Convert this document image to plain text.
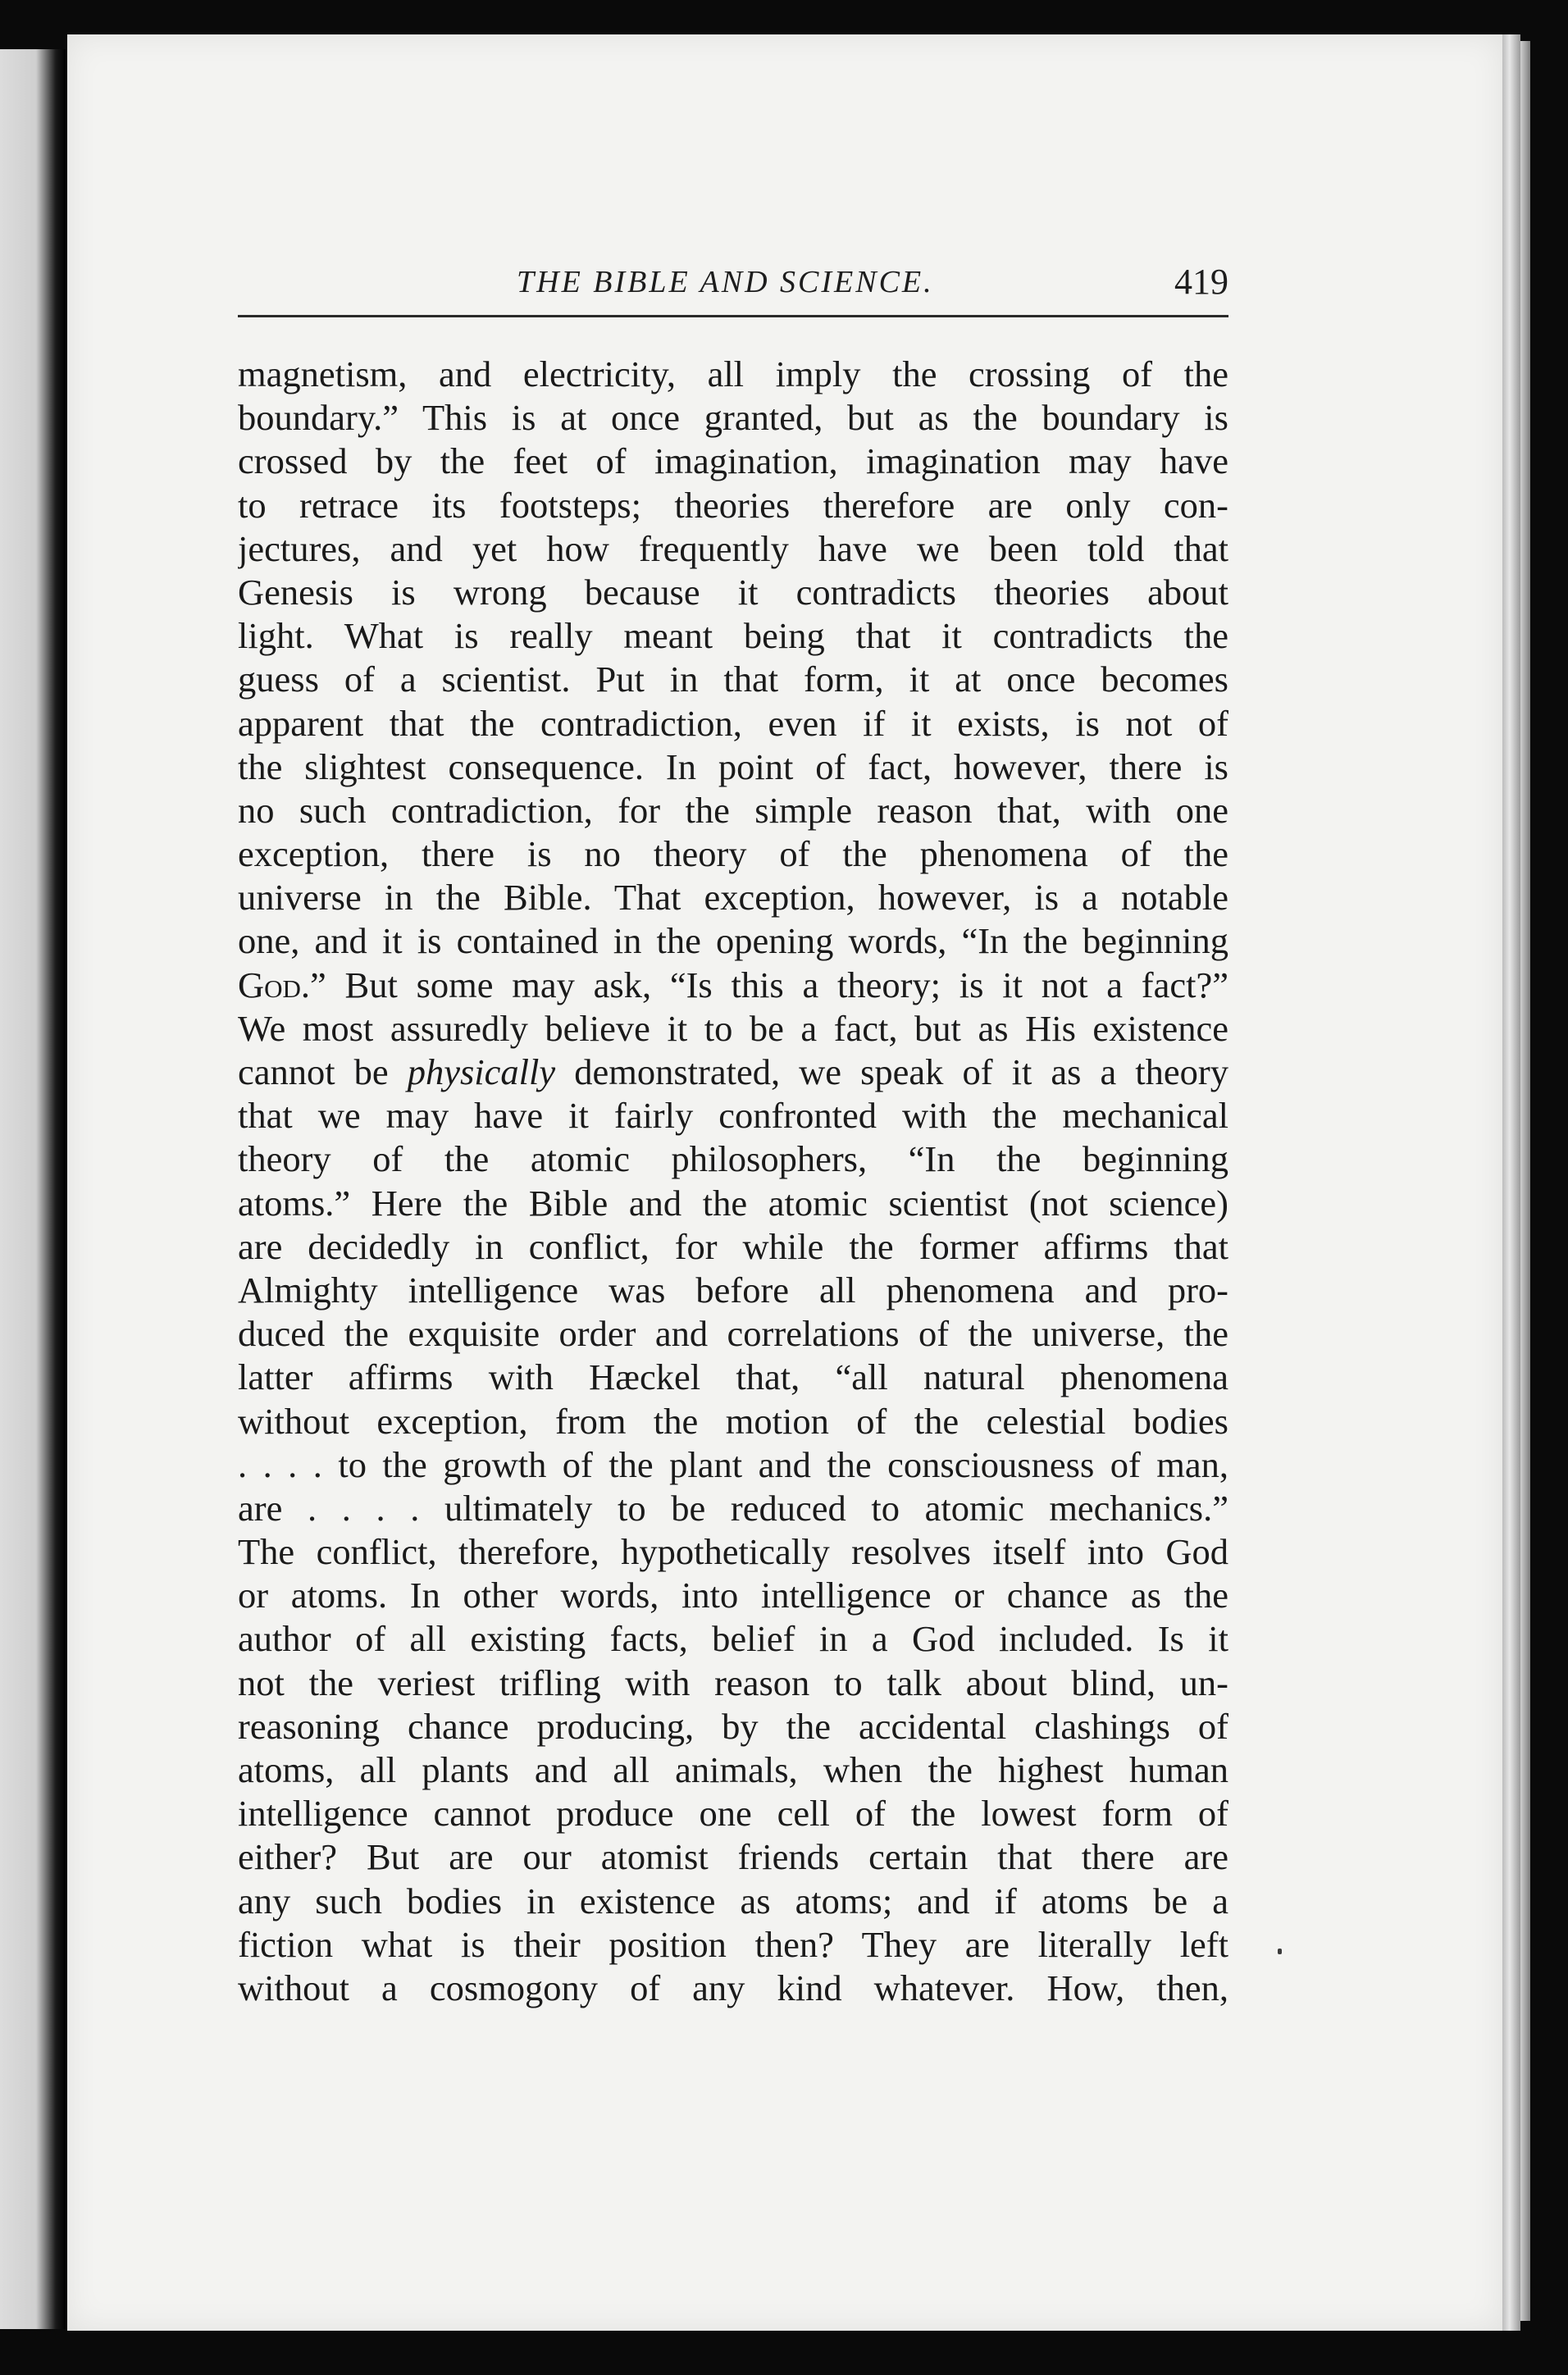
THE BIBLE AND SCIENCE.	419
magnetism, and electricity, all imply the crossing of the
boundary.” This is at once granted, but as the boundary is
crossed by the feet of imagination, imagination may have
to retrace its footsteps; theories therefore are only con-
jectures, and yet how frequently have we been told that
Genesis is wrong because it contradicts theories about
light. What is really meant being that it contradicts the
guess of a scientist. Put in that form, it at once becomes
apparent that the contradiction, even if it exists, is not of
the slightest consequence. In point of fact, however, there is
no such contradiction, for the simple reason that, with one
exception, there is no theory of the phenomena of the
universe in the Bible. That exception, however, is a notable
one, and it is contained in the opening words, “In the beginning
God.” But some may ask, “Is this a theory; is it not a fact?”
We most assuredly believe it to be a fact, but as His existence
cannot be physically demonstrated, we speak of it as a theory
that we may have it fairly confronted with the mechanical
theory of the atomic philosophers, “In the beginning
atoms.” Here the Bible and the atomic scientist (not science)
are decidedly in conflict, for while the former affirms that
Almighty intelligence was before all phenomena and pro-
duced the exquisite order and correlations of the universe, the
latter affirms with Hæckel that, “all natural phenomena
without exception, from the motion of the celestial bodies
. . . . to the growth of the plant and the consciousness of man,
are . . . . ultimately to be reduced to atomic mechanics.”
The conflict, therefore, hypothetically resolves itself into God
or atoms. In other words, into intelligence or chance as the
author of all existing facts, belief in a God included. Is it
not the veriest trifling with reason to talk about blind, un-
reasoning chance producing, by the accidental clashings of
atoms, all plants and all animals, when the highest human
intelligence cannot produce one cell of the lowest form of
either? But are our atomist friends certain that there are
any such bodies in existence as atoms; and if atoms be a
fiction what is their position then? They are literally left
without a cosmogony of any kind whatever. How, then,
